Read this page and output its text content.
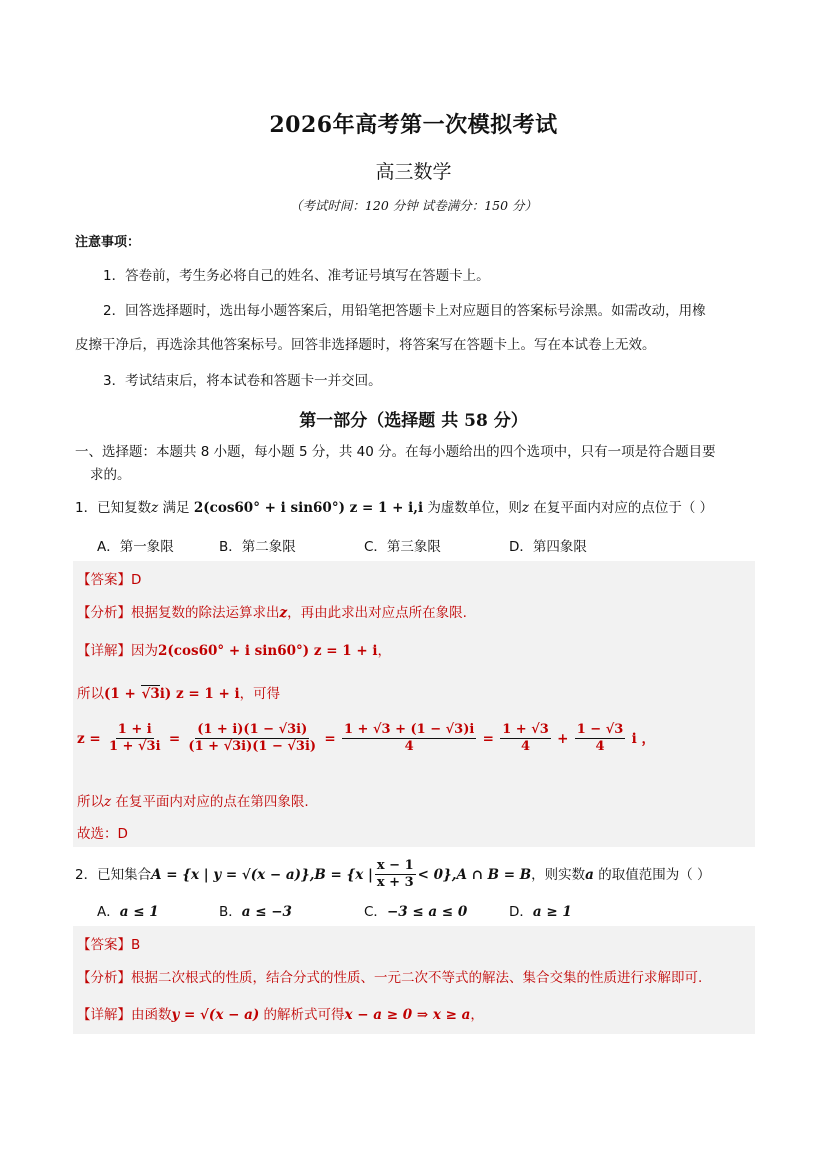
2026年高考第一次模拟考试
高三数学
（考试时间：120 分钟 试卷满分：150 分）
注意事项：
1．答卷前，考生务必将自己的姓名、准考证号填写在答题卡上。
2．回答选择题时，选出每小题答案后，用铅笔把答题卡上对应题目的答案标号涂黑。如需改动，用橡
皮擦干净后，再选涂其他答案标号。回答非选择题时，将答案写在答题卡上。写在本试卷上无效。
3．考试结束后，将本试卷和答题卡一并交回。
第一部分（选择题 共 58 分）
一、选择题：本题共 8 小题，每小题 5 分，共 40 分。在每小题给出的四个选项中，只有一项是符合题目要
求的。
1．已知复数z 满足 2(cos60° + i sin60°) z = 1 + i,i 为虚数单位，则z 在复平面内对应的点位于（ ）
A．第一象限	B．第二象限	C．第三象限	D．第四象限
【答案】D
【分析】根据复数的除法运算求出z，再由此求出对应点所在象限.
【详解】因为2(cos60° + i sin60°) z = 1 + i，
所以(1 + √3i) z = 1 + i，可得
$z = \frac{1 + i}{1 + √3i} = \frac{(1 + i)(1 - √3i)}{(1 + √3i)(1 - √3i)} = \frac{1 + √3 + (1 - √3)i}{4} = \frac{1 + √3}{4} + \frac{1 - √3}{4}$ i ，
所以z 在复平面内对应的点在第四象限.
故选：D
2．已知集合A = {x | y = √(x − a)},B = {x | $\frac{x - 1}{x + 3} < 0\},A$ ∩ B = B，则实数a 的取值范围为（ ）
A．a ≤ 1	B．a ≤ −3	C．−3 ≤ a ≤ 0	D．a ≥ 1
【答案】B
【分析】根据二次根式的性质，结合分式的性质、一元二次不等式的解法、集合交集的性质进行求解即可.
【详解】由函数y = √(x − a) 的解析式可得x − a ≥ 0 ⇒ x ≥ a，
